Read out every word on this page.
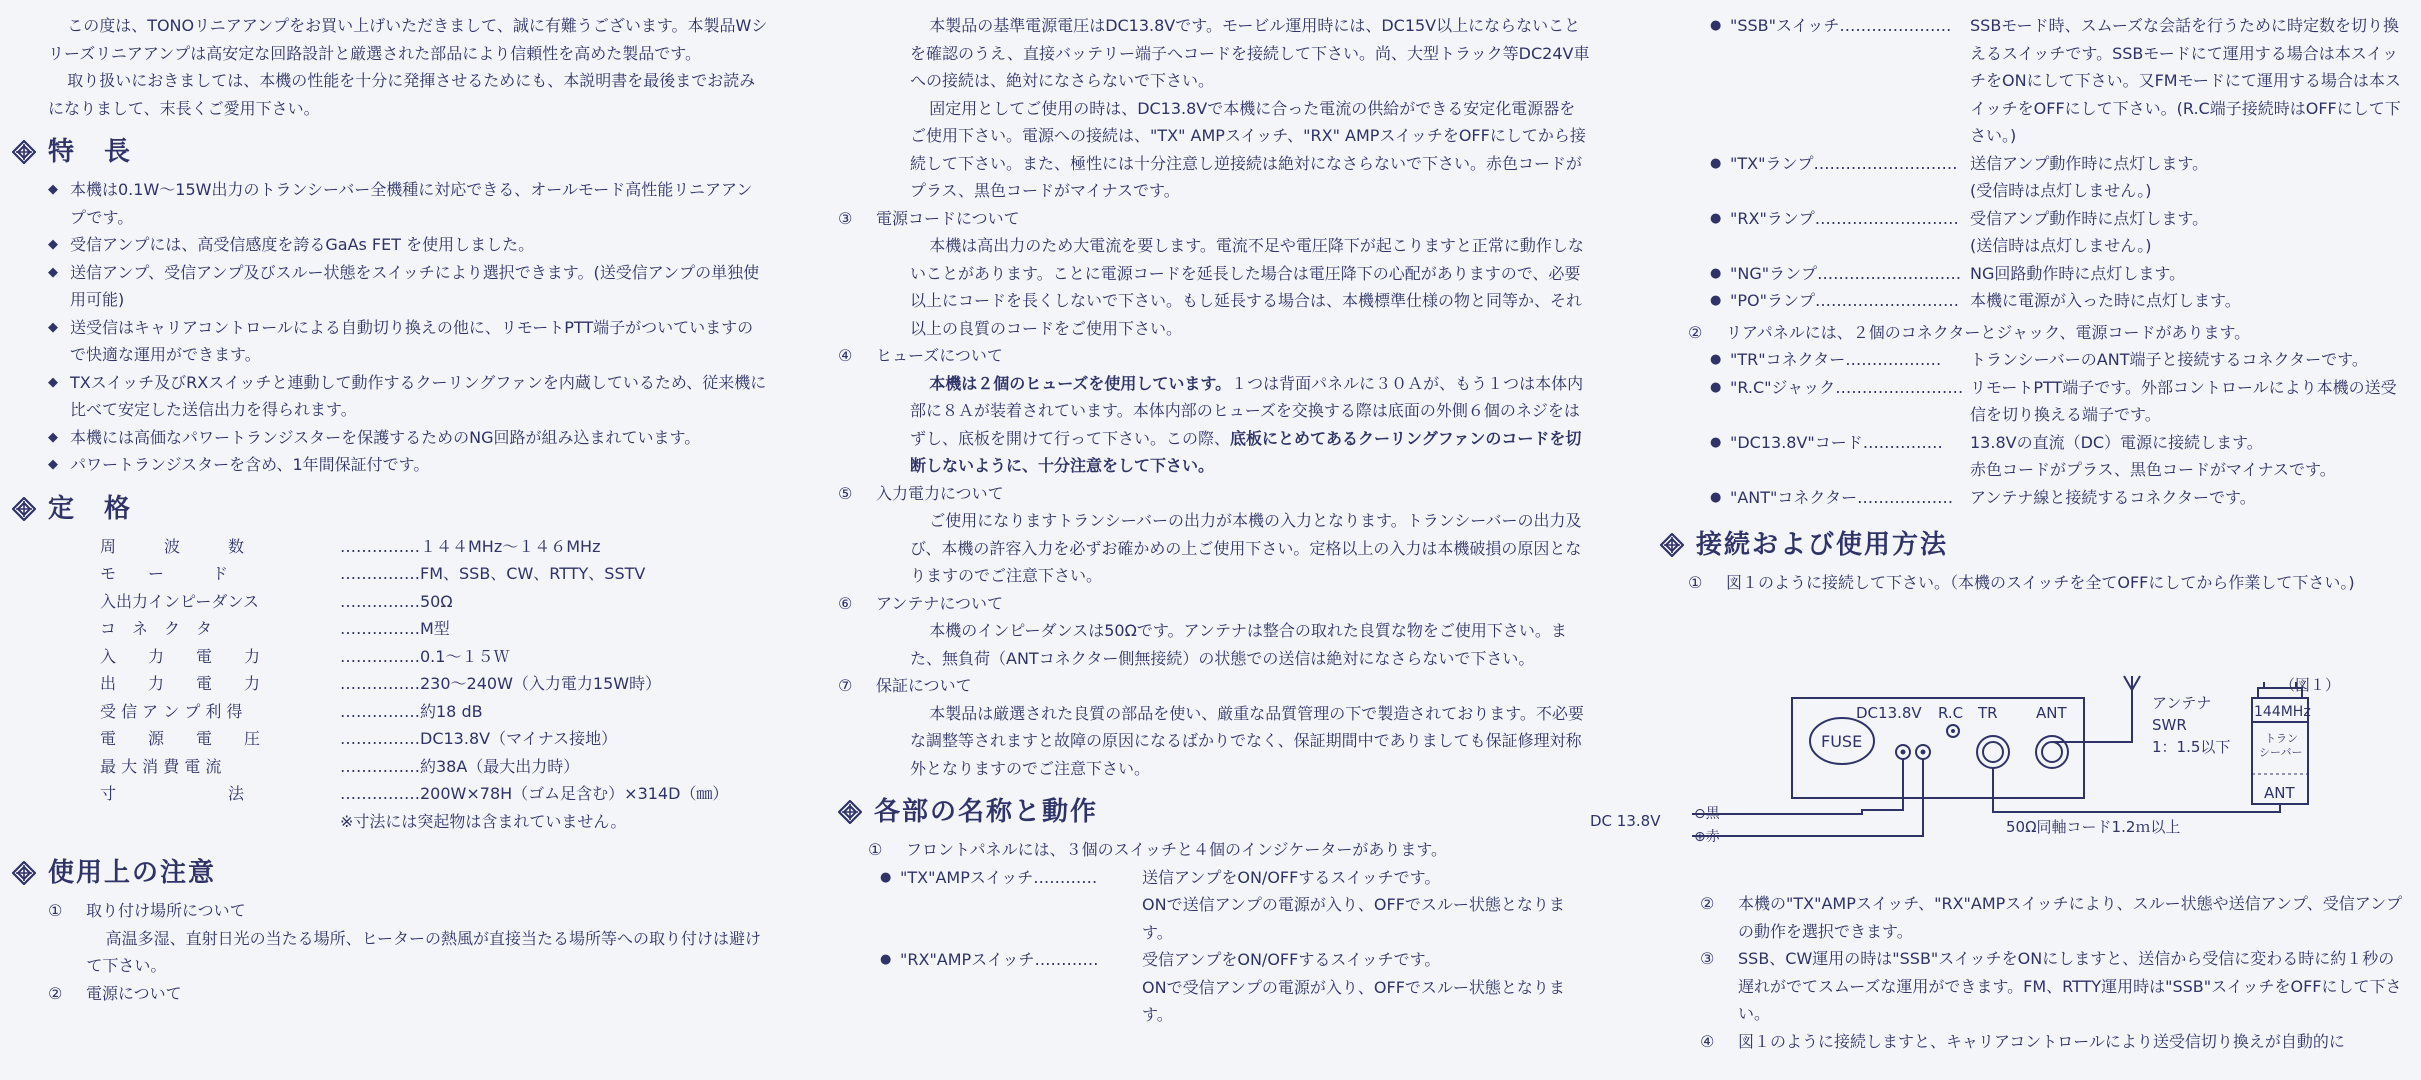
この度は、TONOリニアアンプをお買い上げいただきまして、誠に有難うございます。本製品Wシリーズリニアアンプは高安定な回路設計と厳選された部品により信頼性を高めた製品です。

取り扱いにおきましては、本機の性能を十分に発揮させるためにも、本説明書を最後までお読みになりまして、末長くご愛用下さい。

特　長
◆ 本機は0.1W〜15W出力のトランシーバー全機種に対応できる、オールモード高性能リニアアンプです。
◆ 受信アンプには、高受信感度を誇るGaAs FET を使用しました。
◆ 送信アンプ、受信アンプ及びスルー状態をスイッチにより選択できます。(送受信アンプの単独使用可能)
◆ 送受信はキャリアコントロールによる自動切り換えの他に、リモートPTT端子がついていますので快適な運用ができます。
◆ TXスイッチ及びRXスイッチと連動して動作するクーリングファンを内蔵しているため、従来機に比べて安定した送信出力を得られます。
◆ 本機には高価なパワートランジスターを保護するためのNG回路が組み込まれています。
◆ パワートランジスターを含め、1年間保証付です。
定　格
周　　　波　　　数	……………１４４MHz〜１４６MHz
モ　　ー　　　ド	……………FM、SSB、CW、RTTY、SSTV
入出力インピーダンス	……………50Ω
コ　ネ　ク　タ	……………M型
入　　力　　電　　力	……………0.1〜１５Ｗ
出　　力　　電　　力	……………230〜240W（入力電力15W時）
受 信 ア ン プ 利 得	……………約18 dB
電　　源　　電　　圧	……………DC13.8V（マイナス接地）
最 大 消 費 電 流	……………約38A（最大出力時）
寸　　　　　　　法	……………200W×78H（ゴム足含む）×314D（㎜）
※寸法には突起物は含まれていません。
使用上の注意
①	取り付け場所について

高温多湿、直射日光の当たる場所、ヒーターの熱風が直接当たる場所等への取り付けは避けて下さい。

②	電源について

本製品の基準電源電圧はDC13.8Vです。モービル運用時には、DC15V以上にならないことを確認のうえ、直接バッテリー端子へコードを接続して下さい。尚、大型トラック等DC24V車への接続は、絶対になさらないで下さい。

固定用としてご使用の時は、DC13.8Vで本機に合った電流の供給ができる安定化電源器をご使用下さい。電源への接続は、"TX" AMPスイッチ、"RX" AMPスイッチをOFFにしてから接続して下さい。また、極性には十分注意し逆接続は絶対になさらないで下さい。赤色コードがプラス、黒色コードがマイナスです。

③	電源コードについて

本機は高出力のため大電流を要します。電流不足や電圧降下が起こりますと正常に動作しないことがあります。ことに電源コードを延長した場合は電圧降下の心配がありますので、必要以上にコードを長くしないで下さい。もし延長する場合は、本機標準仕様の物と同等か、それ以上の良質のコードをご使用下さい。

④	ヒューズについて

本機は２個のヒューズを使用しています。１つは背面パネルに３０Ａが、もう１つは本体内部に８Ａが装着されています。本体内部のヒューズを交換する際は底面の外側６個のネジをはずし、底板を開けて行って下さい。この際、底板にとめてあるクーリングファンのコードを切断しないように、十分注意をして下さい。

⑤	入力電力について

ご使用になりますトランシーバーの出力が本機の入力となります。トランシーバーの出力及び、本機の許容入力を必ずお確かめの上ご使用下さい。定格以上の入力は本機破損の原因となりますのでご注意下さい。

⑥	アンテナについて

本機のインピーダンスは50Ωです。アンテナは整合の取れた良質な物をご使用下さい。また、無負荷（ANTコネクター側無接続）の状態での送信は絶対になさらないで下さい。

⑦	保証について

本製品は厳選された良質の部品を使い、厳重な品質管理の下で製造されております。不必要な調整等されますと故障の原因になるばかりでなく、保証期間中でありましても保証修理対称外となりますのでご注意下さい。

各部の名称と動作
①	フロントパネルには、３個のスイッチと４個のインジケーターがあります。
● "TX"AMPスイッチ…………	送信アンプをON/OFFするスイッチです。
ONで送信アンプの電源が入り、OFFでスルー状態となります。
● "RX"AMPスイッチ…………	受信アンプをON/OFFするスイッチです。
ONで受信アンプの電源が入り、OFFでスルー状態となります。
● "SSB"スイッチ…………………	SSBモード時、スムーズな会話を行うために時定数を切り換えるスイッチです。SSBモードにて運用する場合は本スイッチをONにして下さい。又FMモードにて運用する場合は本スイッチをOFFにして下さい。(R.C端子接続時はOFFにして下さい。)
● "TX"ランプ……………………… 送信アンプ動作時に点灯します。
(受信時は点灯しません。)
● "RX"ランプ……………………… 受信アンプ動作時に点灯します。
(送信時は点灯しません。)
● "NG"ランプ……………………… NG回路動作時に点灯します。
● "PO"ランプ……………………… 本機に電源が入った時に点灯します。
②	リアパネルには、２個のコネクターとジャック、電源コードがあります。
● "TR"コネクター………………	トランシーバーのANT端子と接続するコネクターです。
● "R.C"ジャック…………………… リモートPTT端子です。外部コントロールにより本機の送受信を切り換える端子です。
● "DC13.8V"コード……………	13.8Vの直流（DC）電源に接続します。
赤色コードがプラス、黒色コードがマイナスです。
● "ANT"コネクター………………	アンテナ線と接続するコネクターです。
接続および使用方法
①	図１のように接続して下さい。（本機のスイッチを全てOFFにしてから作業して下さい。)
（図１）
DC13.8V R.C TR	ANT
FUSE
アンテナ
SWR
1：1.5以下
144MHz
トラン
シーバー
ANT
50Ω同軸コード1.2ｍ以上
DC 13.8V ⊖黒
⊕赤
②	本機の"TX"AMPスイッチ、"RX"AMPスイッチにより、スルー状態や送信アンプ、受信アンプの動作を選択できます。
③	SSB、CW運用の時は"SSB"スイッチをONにしますと、送信から受信に変わる時に約１秒の遅れがでてスムーズな運用ができます。FM、RTTY運用時は"SSB"スイッチをOFFにして下さい。
④	図１のように接続しますと、キャリアコントロールにより送受信切り換えが自動的に
